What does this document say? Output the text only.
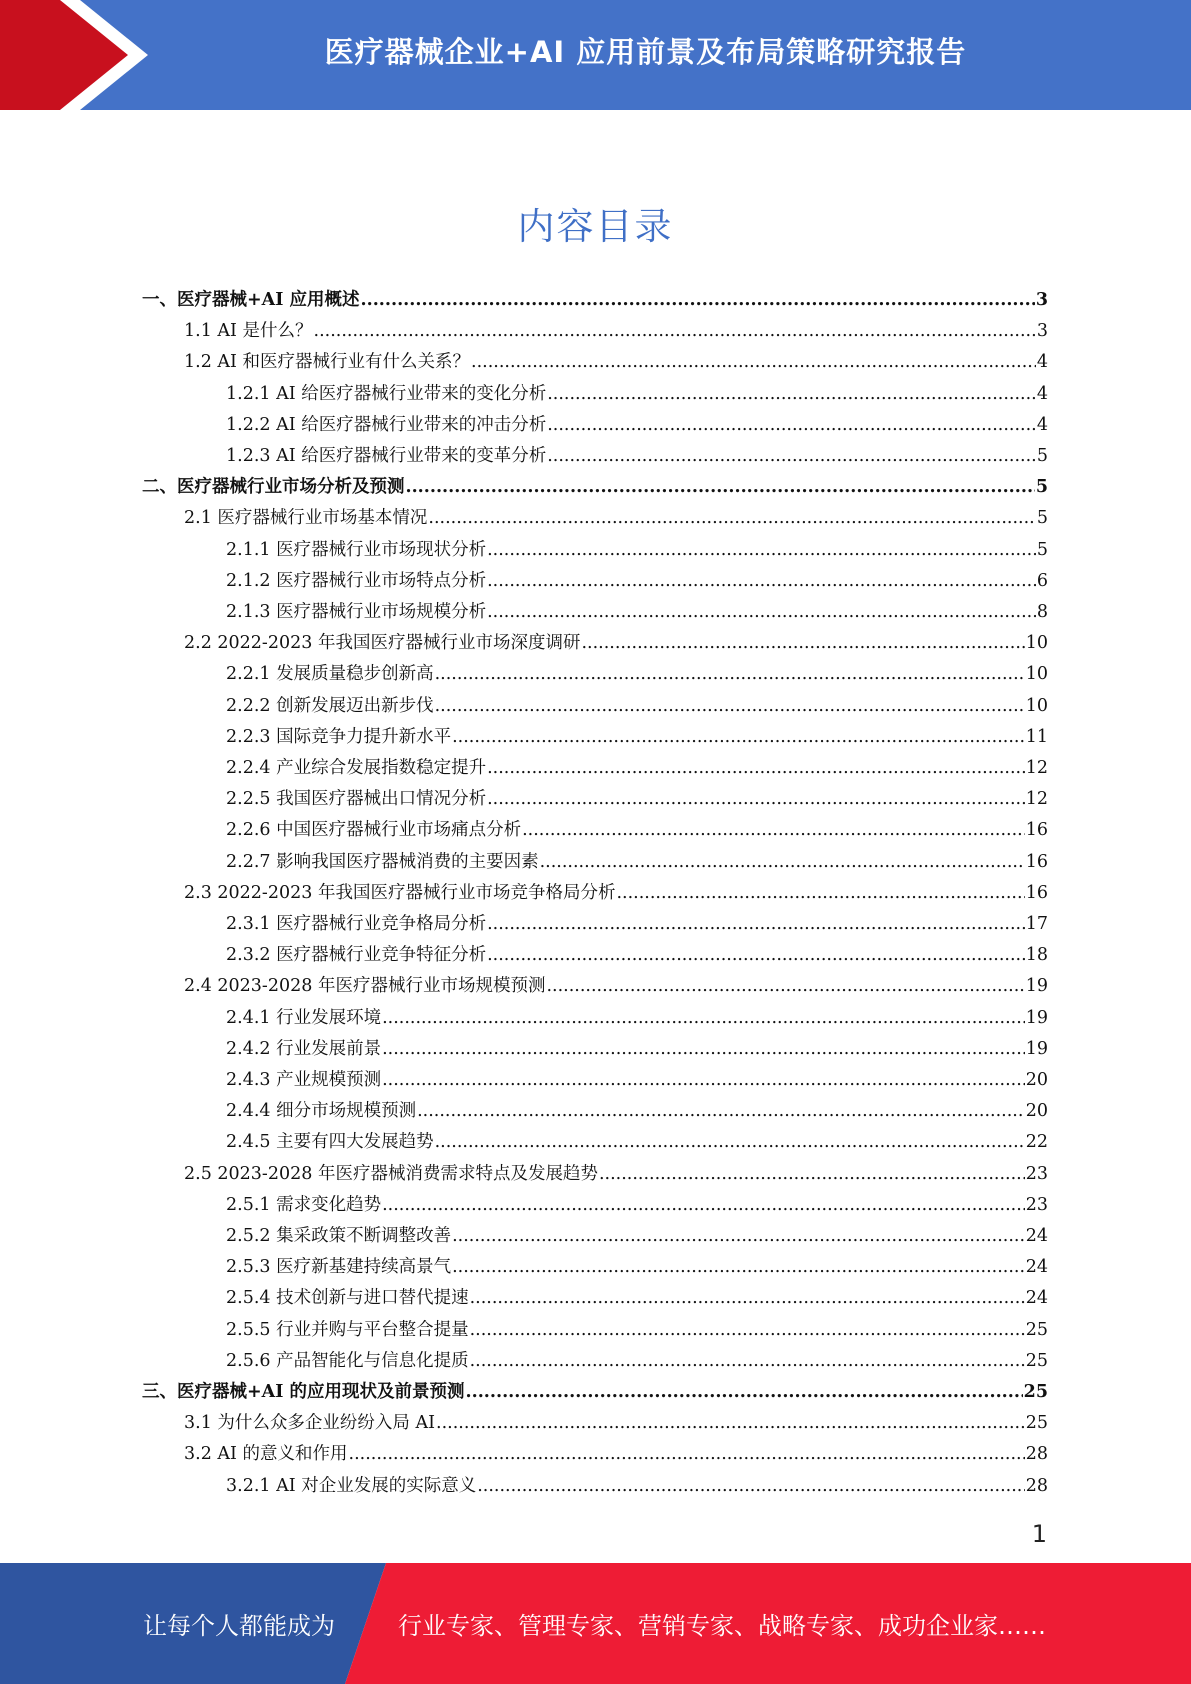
医疗器械企业+AI 应用前景及布局策略研究报告
内容目录
一、医疗器械+AI 应用概述 .....	3
1.1 AI 是什么？ .....	3
1.2 AI 和医疗器械行业有什么关系？ .....	4
1.2.1 AI 给医疗器械行业带来的变化分析 .....	4
1.2.2 AI 给医疗器械行业带来的冲击分析 .....	4
1.2.3 AI 给医疗器械行业带来的变革分析 .....	5
二、医疗器械行业市场分析及预测 .....	5
2.1 医疗器械行业市场基本情况 .....	5
2.1.1 医疗器械行业市场现状分析 .....	5
2.1.2 医疗器械行业市场特点分析 .....	6
2.1.3 医疗器械行业市场规模分析 .....	8
2.2 2022-2023 年我国医疗器械行业市场深度调研 .....	10
2.2.1 发展质量稳步创新高 .....	10
2.2.2 创新发展迈出新步伐 .....	10
2.2.3 国际竞争力提升新水平 .....	11
2.2.4 产业综合发展指数稳定提升 .....	12
2.2.5 我国医疗器械出口情况分析 .....	12
2.2.6 中国医疗器械行业市场痛点分析 .....	16
2.2.7 影响我国医疗器械消费的主要因素 .....	16
2.3 2022-2023 年我国医疗器械行业市场竞争格局分析 .....	16
2.3.1 医疗器械行业竞争格局分析 .....	17
2.3.2 医疗器械行业竞争特征分析 .....	18
2.4 2023-2028 年医疗器械行业市场规模预测 .....	19
2.4.1 行业发展环境 .....	19
2.4.2 行业发展前景 .....	19
2.4.3 产业规模预测 .....	20
2.4.4 细分市场规模预测 .....	20
2.4.5 主要有四大发展趋势 .....	22
2.5 2023-2028 年医疗器械消费需求特点及发展趋势 .....	23
2.5.1 需求变化趋势 .....	23
2.5.2 集采政策不断调整改善 .....	24
2.5.3 医疗新基建持续高景气 .....	24
2.5.4 技术创新与进口替代提速 .....	24
2.5.5 行业并购与平台整合提量 .....	25
2.5.6 产品智能化与信息化提质 .....	25
三、医疗器械+AI 的应用现状及前景预测 .....	25
3.1 为什么众多企业纷纷入局 AI .....	25
3.2 AI 的意义和作用 .....	28
3.2.1 AI 对企业发展的实际意义 .....	28
1
让每个人都能成为	行业专家、管理专家、营销专家、战略专家、成功企业家……
